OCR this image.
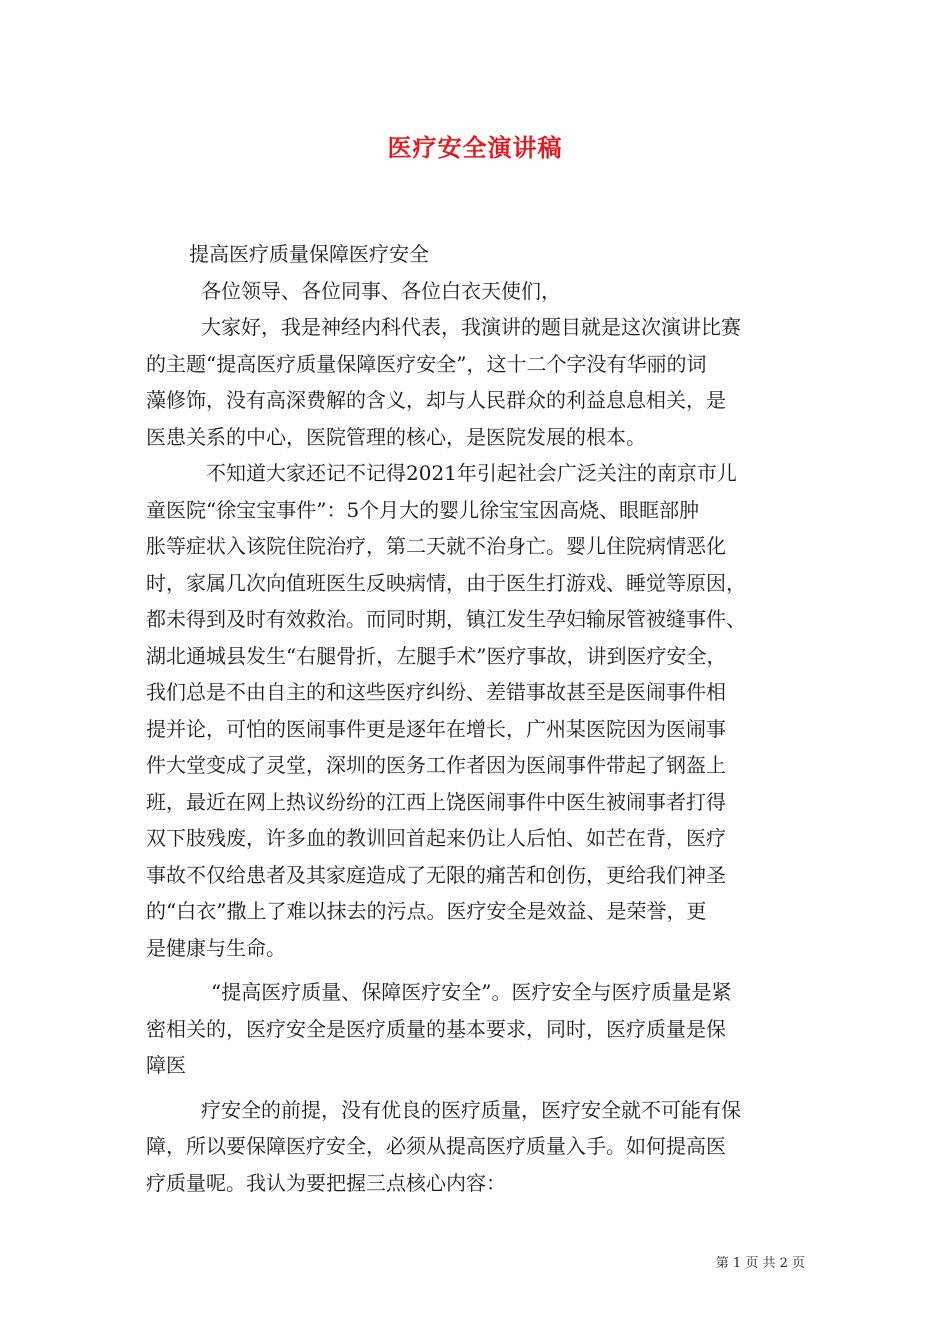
医疗安全演讲稿
提高医疗质量保障医疗安全
各位领导、各位同事、各位白衣天使们，
大家好，我是神经内科代表，我演讲的题目就是这次演讲比赛
的主题“提高医疗质量保障医疗安全”，这十二个字没有华丽的词
藻修饰，没有高深费解的含义，却与人民群众的利益息息相关，是
医患关系的中心，医院管理的核心，是医院发展的根本。
不知道大家还记不记得2021年引起社会广泛关注的南京市儿
童医院“徐宝宝事件”：5个月大的婴儿徐宝宝因高烧、眼眶部肿
胀等症状入该院住院治疗，第二天就不治身亡。婴儿住院病情恶化
时，家属几次向值班医生反映病情，由于医生打游戏、睡觉等原因，
都未得到及时有效救治。而同时期，镇江发生孕妇输尿管被缝事件、
湖北通城县发生“右腿骨折，左腿手术”医疗事故，讲到医疗安全，
我们总是不由自主的和这些医疗纠纷、差错事故甚至是医闹事件相
提并论，可怕的医闹事件更是逐年在增长，广州某医院因为医闹事
件大堂变成了灵堂，深圳的医务工作者因为医闹事件带起了钢盔上
班，最近在网上热议纷纷的江西上饶医闹事件中医生被闹事者打得
双下肢残废，许多血的教训回首起来仍让人后怕、如芒在背，医疗
事故不仅给患者及其家庭造成了无限的痛苦和创伤，更给我们神圣
的“白衣”撒上了难以抹去的污点。医疗安全是效益、是荣誉，更
是健康与生命。
“提高医疗质量、保障医疗安全”。医疗安全与医疗质量是紧
密相关的，医疗安全是医疗质量的基本要求，同时，医疗质量是保
障医
疗安全的前提，没有优良的医疗质量，医疗安全就不可能有保
障，所以要保障医疗安全，必须从提高医疗质量入手。如何提高医
疗质量呢。我认为要把握三点核心内容：
第 1 页 共 2 页
